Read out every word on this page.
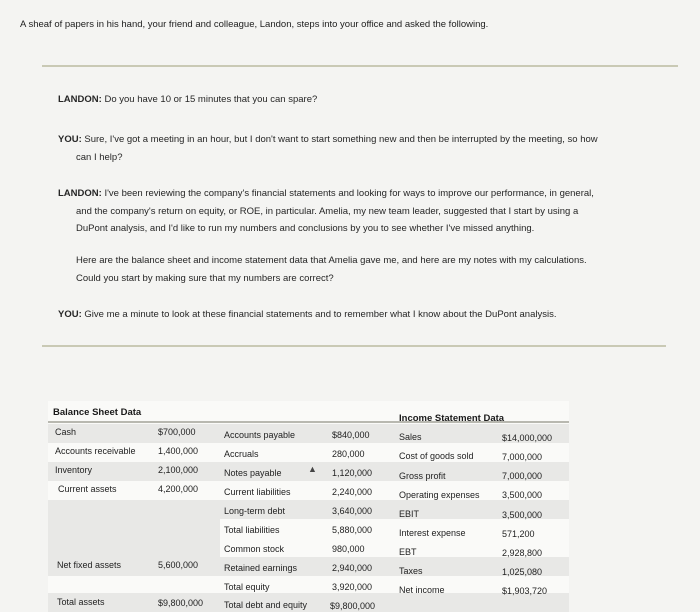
A sheaf of papers in his hand, your friend and colleague, Landon, steps into your office and asked the following.
LANDON: Do you have 10 or 15 minutes that you can spare?
YOU: Sure, I've got a meeting in an hour, but I don't want to start something new and then be interrupted by the meeting, so how
can I help?
LANDON: I've been reviewing the company's financial statements and looking for ways to improve our performance, in general,
and the company's return on equity, or ROE, in particular. Amelia, my new team leader, suggested that I start by using a
DuPont analysis, and I'd like to run my numbers and conclusions by you to see whether I've missed anything.
Here are the balance sheet and income statement data that Amelia gave me, and here are my notes with my calculations.
Could you start by making sure that my numbers are correct?
YOU: Give me a minute to look at these financial statements and to remember what I know about the DuPont analysis.
Balance Sheet Data
Income Statement Data
Cash	$700,000
Accounts receivable 1,400,000
Inventory	2,100,000
Current assets	4,200,000
Net fixed assets	5,600,000
Total assets	$9,800,000
Accounts payable	$840,000
Accruals	280,000
Notes payable	▲ 1,120,000
Current liabilities	2,240,000
Long-term debt	3,640,000
Total liabilities	5,880,000
Common stock	980,000
Retained earnings	2,940,000
Total equity	3,920,000
Total debt and equity	$9,800,000
Sales	$14,000,000
Cost of goods sold	7,000,000
Gross profit	7,000,000
Operating expenses 3,500,000
EBIT	3,500,000
Interest expense	571,200
EBT	2,928,800
Taxes	1,025,080
Net income	$1,903,720
